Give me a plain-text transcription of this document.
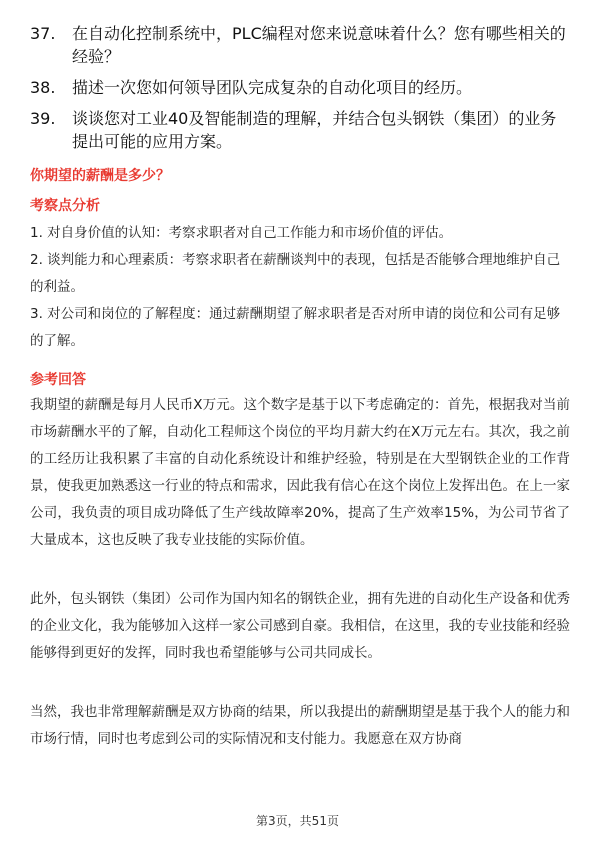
37. 在自动化控制系统中，PLC编程对您来说意味着什么？您有哪些相关的经验？
38. 描述一次您如何领导团队完成复杂的自动化项目的经历。
39. 谈谈您对工业40及智能制造的理解，并结合包头钢铁（集团）的业务提出可能的应用方案。
你期望的薪酬是多少？
考察点分析
1. 对自身价值的认知：考察求职者对自己工作能力和市场价值的评估。
2. 谈判能力和心理素质：考察求职者在薪酬谈判中的表现，包括是否能够合理地维护自己的利益。
3. 对公司和岗位的了解程度：通过薪酬期望了解求职者是否对所申请的岗位和公司有足够的了解。
参考回答
我期望的薪酬是每月人民币X万元。这个数字是基于以下考虑确定的：首先，根据我对当前市场薪酬水平的了解，自动化工程师这个岗位的平均月薪大约在X万元左右。其次，我之前的工经历让我积累了丰富的自动化系统设计和维护经验，特别是在大型钢铁企业的工作背景，使我更加熟悉这一行业的特点和需求，因此我有信心在这个岗位上发挥出色。在上一家公司，我负责的项目成功降低了生产线故障率20%，提高了生产效率15%，为公司节省了大量成本，这也反映了我专业技能的实际价值。
此外，包头钢铁（集团）公司作为国内知名的钢铁企业，拥有先进的自动化生产设备和优秀的企业文化，我为能够加入这样一家公司感到自豪。我相信，在这里，我的专业技能和经验能够得到更好的发挥，同时我也希望能够与公司共同成长。
当然，我也非常理解薪酬是双方协商的结果，所以我提出的薪酬期望是基于我个人的能力和市场行情，同时也考虑到公司的实际情况和支付能力。我愿意在双方协商
第3页，共51页
